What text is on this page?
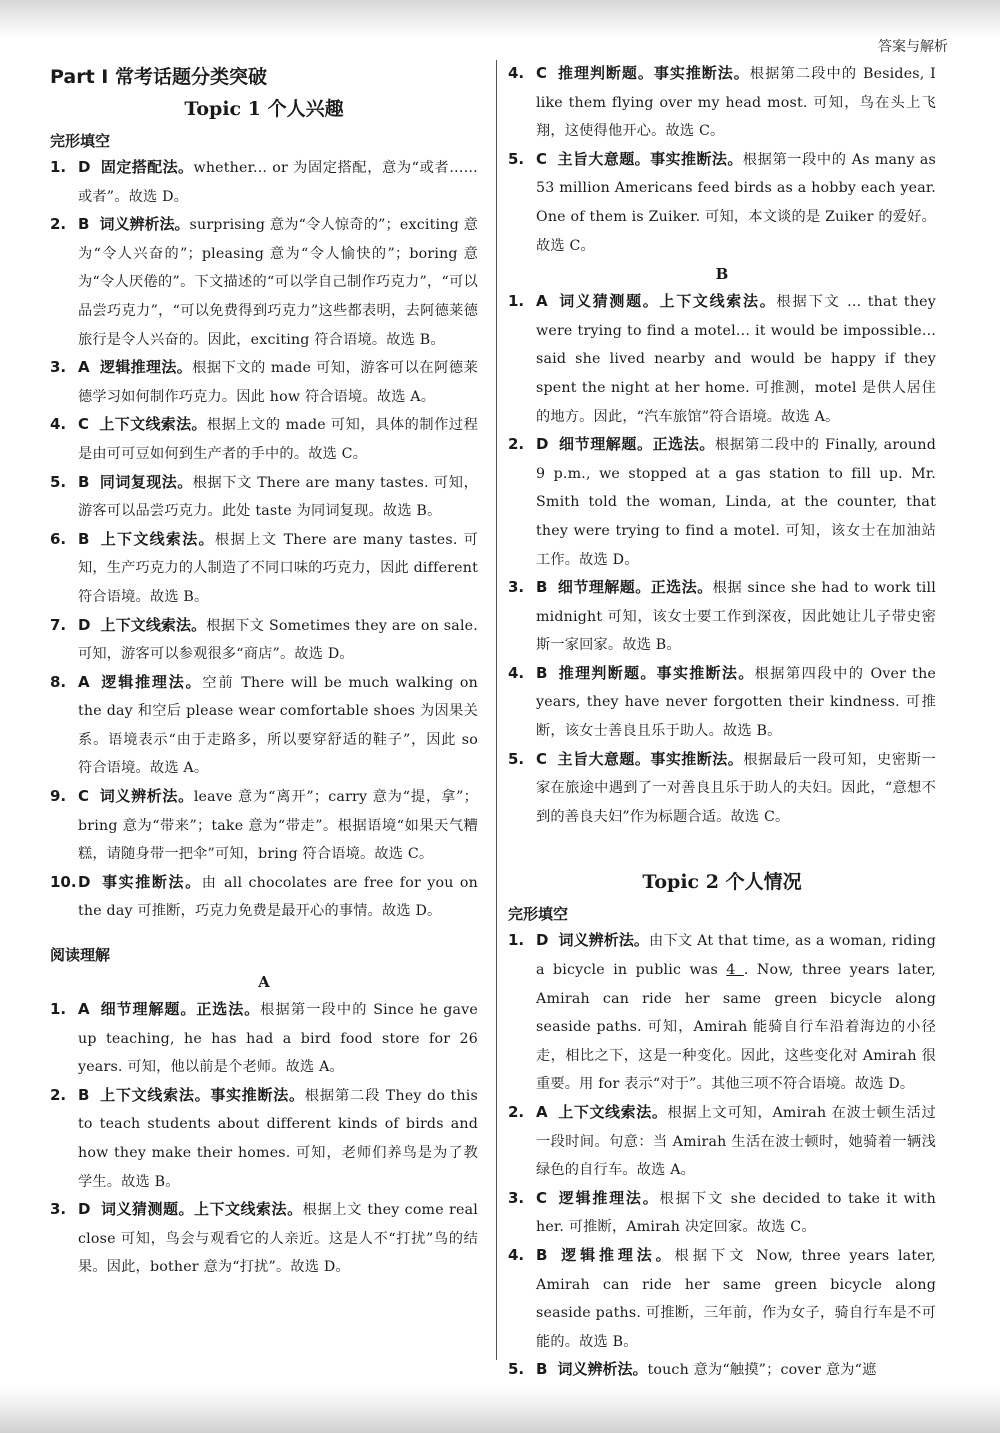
答案与解析
Part I 常考话题分类突破
Topic 1 个人兴趣
完形填空
1. D 固定搭配法。whether... or 为固定搭配，意为“或者……或者”。故选 D。
2. B 词义辨析法。surprising 意为“令人惊奇的”；exciting 意为“令人兴奋的”；pleasing 意为“令人愉快的”；boring 意为“令人厌倦的”。下文描述的“可以学自己制作巧克力”，“可以品尝巧克力”，“可以免费得到巧克力”这些都表明，去阿德莱德旅行是令人兴奋的。因此，exciting 符合语境。故选 B。
3. A 逻辑推理法。根据下文的 made 可知，游客可以在阿德莱德学习如何制作巧克力。因此 how 符合语境。故选 A。
4. C 上下文线索法。根据上文的 made 可知，具体的制作过程是由可可豆如何到生产者的手中的。故选 C。
5. B 同词复现法。根据下文 There are many tastes. 可知，游客可以品尝巧克力。此处 taste 为同词复现。故选 B。
6. B 上下文线索法。根据上文 There are many tastes. 可知，生产巧克力的人制造了不同口味的巧克力，因此 different 符合语境。故选 B。
7. D 上下文线索法。根据下文 Sometimes they are on sale. 可知，游客可以参观很多“商店”。故选 D。
8. A 逻辑推理法。空前 There will be much walking on the day 和空后 please wear comfortable shoes 为因果关系。语境表示“由于走路多，所以要穿舒适的鞋子”，因此 so 符合语境。故选 A。
9. C 词义辨析法。leave 意为“离开”；carry 意为“提，拿”；bring 意为“带来”；take 意为“带走”。根据语境“如果天气糟糕，请随身带一把伞”可知，bring 符合语境。故选 C。
10. D 事实推断法。由 all chocolates are free for you on the day 可推断，巧克力免费是最开心的事情。故选 D。
阅读理解
A
1. A 细节理解题。正选法。根据第一段中的 Since he gave up teaching, he has had a bird food store for 26 years. 可知，他以前是个老师。故选 A。
2. B 上下文线索法。事实推断法。根据第二段 They do this to teach students about different kinds of birds and how they make their homes. 可知，老师们养鸟是为了教学生。故选 B。
3. D 词义猜测题。上下文线索法。根据上文 they come real close 可知，鸟会与观看它的人亲近。这是人不“打扰”鸟的结果。因此，bother 意为“打扰”。故选 D。
4. C 推理判断题。事实推断法。根据第二段中的 Besides, I like them flying over my head most. 可知，鸟在头上飞翔，这使得他开心。故选 C。
5. C 主旨大意题。事实推断法。根据第一段中的 As many as 53 million Americans feed birds as a hobby each year. One of them is Zuiker. 可知，本文谈的是 Zuiker 的爱好。故选 C。
B
1. A 词义猜测题。上下文线索法。根据下文 ... that they were trying to find a motel... it would be impossible... said she lived nearby and would be happy if they spent the night at her home. 可推测，motel 是供人居住的地方。因此，“汽车旅馆”符合语境。故选 A。
2. D 细节理解题。正选法。根据第二段中的 Finally, around 9 p.m., we stopped at a gas station to fill up. Mr. Smith told the woman, Linda, at the counter, that they were trying to find a motel. 可知，该女士在加油站工作。故选 D。
3. B 细节理解题。正选法。根据 since she had to work till midnight 可知，该女士要工作到深夜，因此她让儿子带史密斯一家回家。故选 B。
4. B 推理判断题。事实推断法。根据第四段中的 Over the years, they have never forgotten their kindness. 可推断，该女士善良且乐于助人。故选 B。
5. C 主旨大意题。事实推断法。根据最后一段可知，史密斯一家在旅途中遇到了一对善良且乐于助人的夫妇。因此，“意想不到的善良夫妇”作为标题合适。故选 C。
Topic 2 个人情况
完形填空
1. D 词义辨析法。由下文 At that time, as a woman, riding a bicycle in public was 4 . Now, three years later, Amirah can ride her same green bicycle along seaside paths. 可知，Amirah 能骑自行车沿着海边的小径走，相比之下，这是一种变化。因此，这些变化对 Amirah 很重要。用 for 表示“对于”。其他三项不符合语境。故选 D。
2. A 上下文线索法。根据上文可知，Amirah 在波士顿生活过一段时间。句意：当 Amirah 生活在波士顿时，她骑着一辆浅绿色的自行车。故选 A。
3. C 逻辑推理法。根据下文 she decided to take it with her. 可推断，Amirah 决定回家。故选 C。
4. B 逻辑推理法。根据下文 Now, three years later, Amirah can ride her same green bicycle along seaside paths. 可推断，三年前，作为女子，骑自行车是不可能的。故选 B。
5. B 词义辨析法。touch 意为“触摸”；cover 意为“遮
